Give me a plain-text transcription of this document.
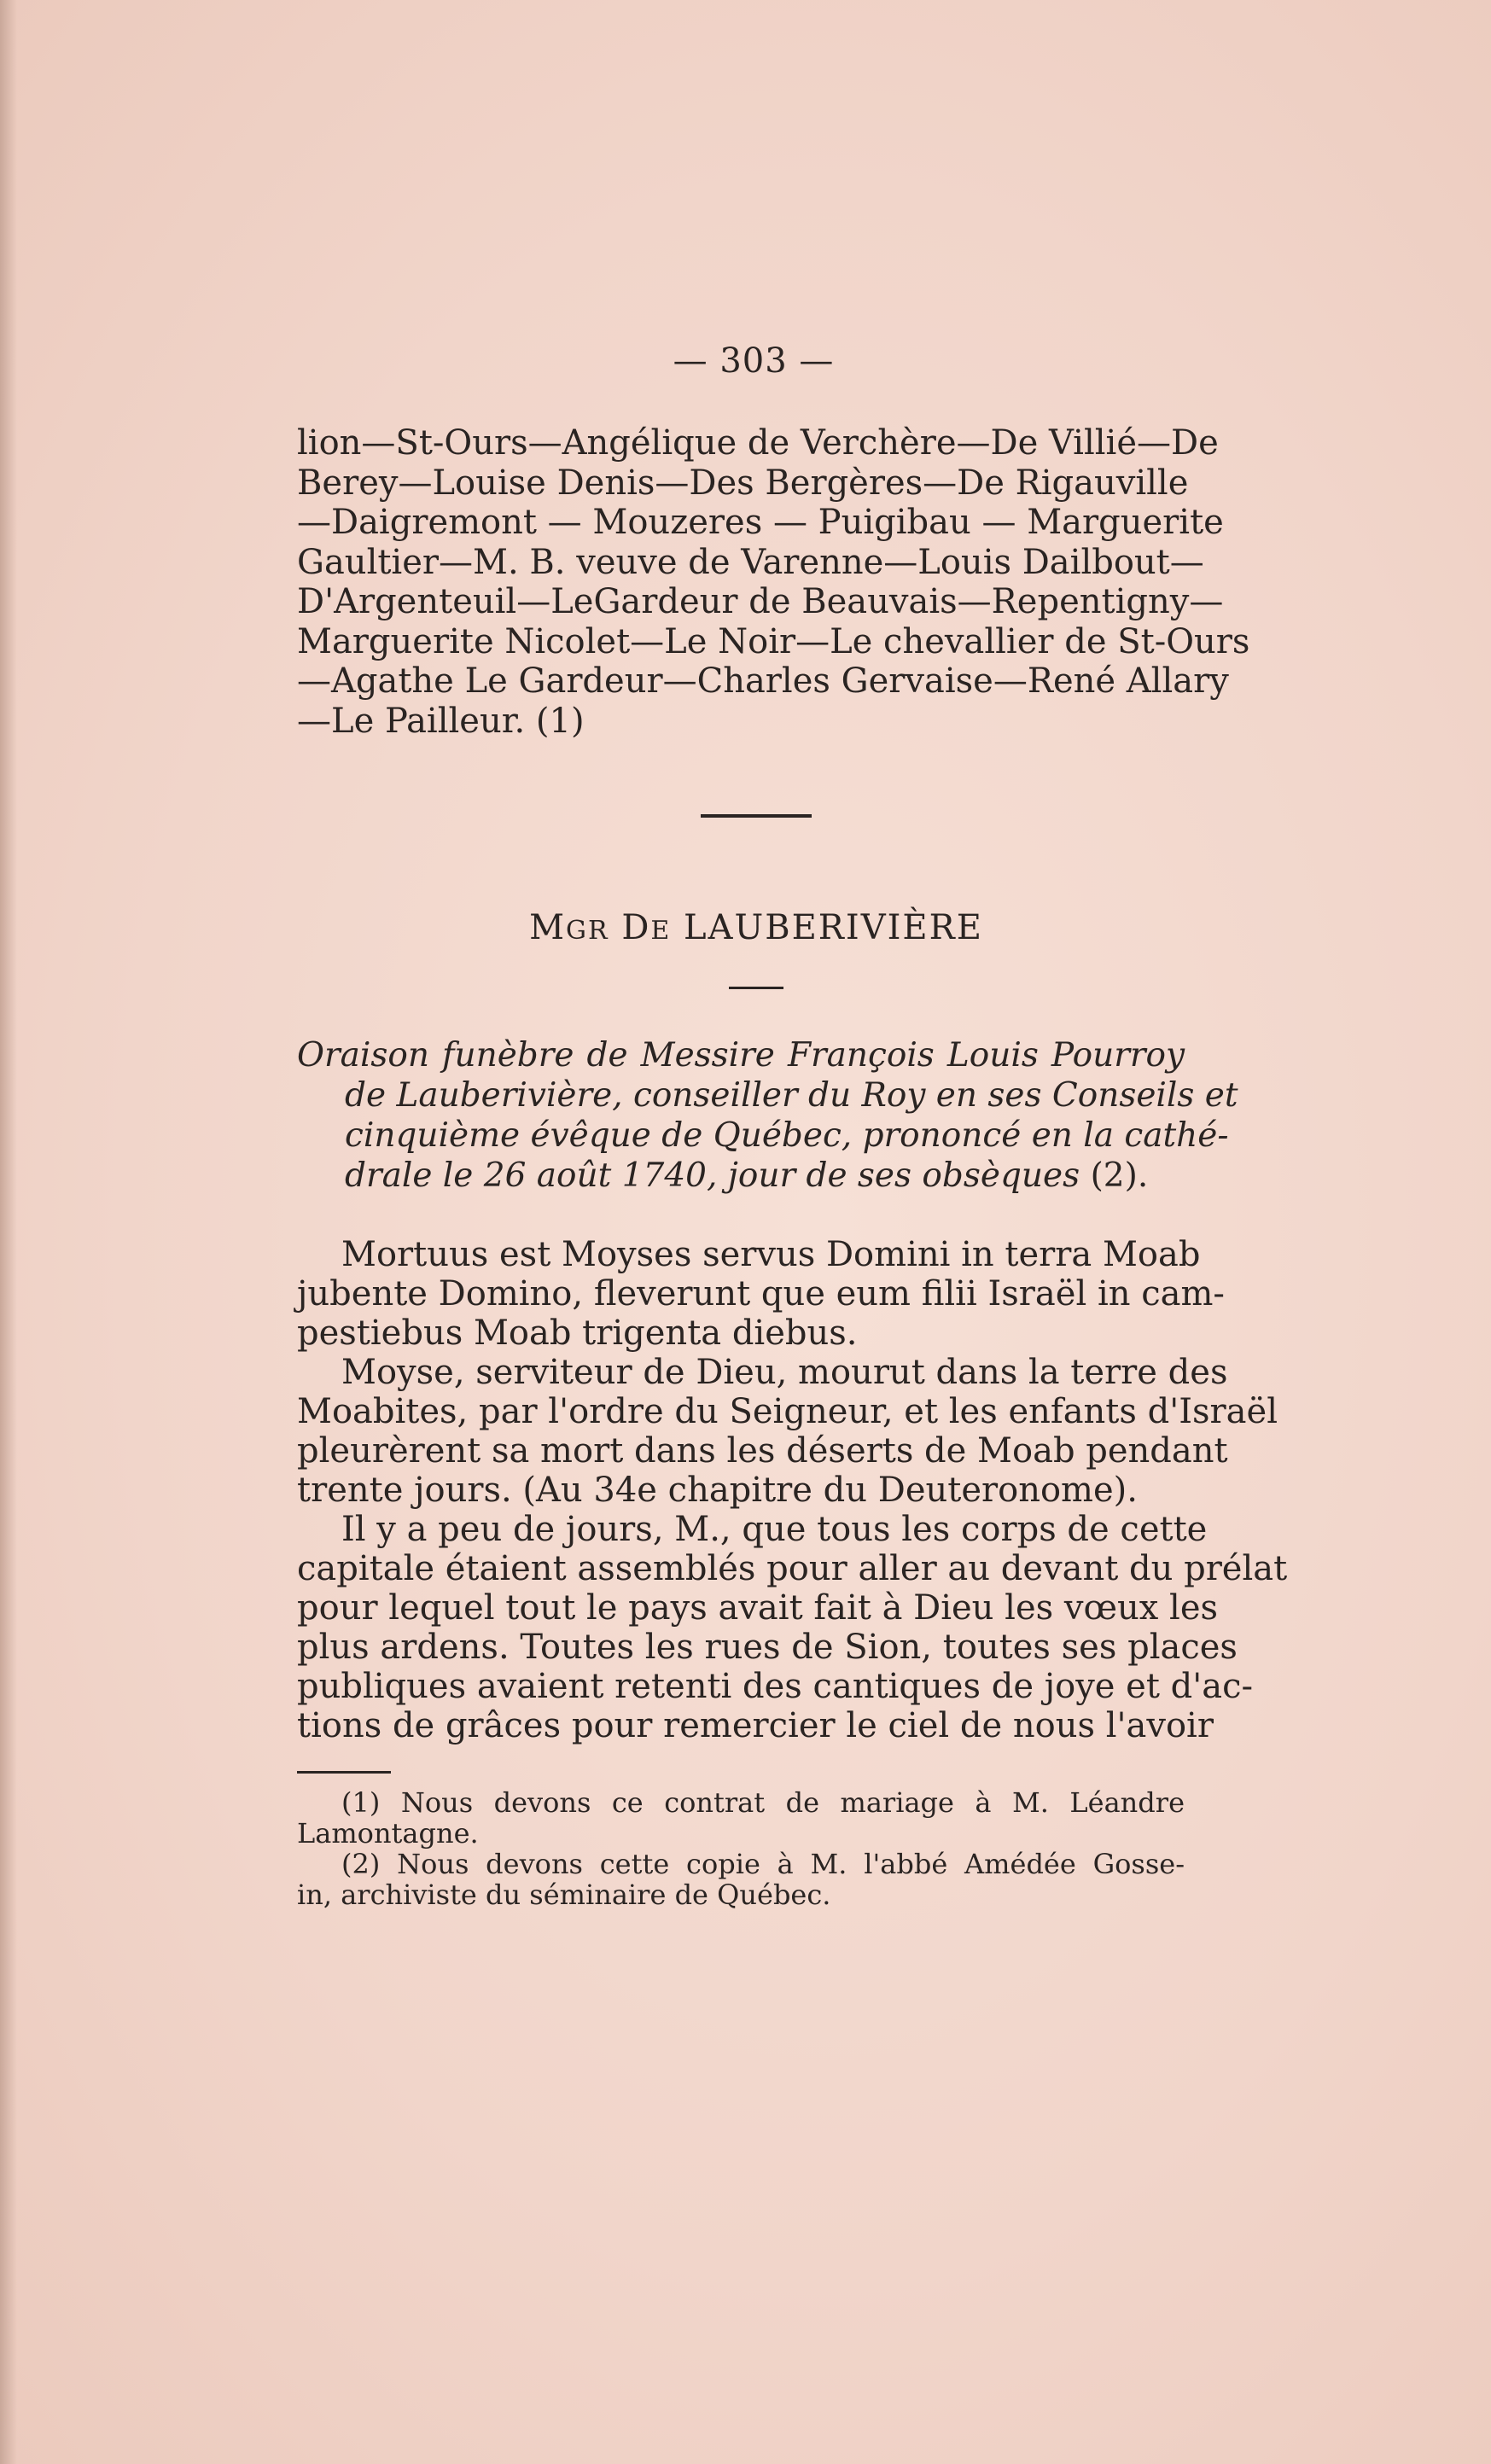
— 303 —
lion—St-Ours—Angélique de Verchère—De Villié—De
Berey—Louise Denis—Des Bergères—De Rigauville
—Daigremont — Mouzeres — Puigibau — Marguerite
Gaultier—M. B. veuve de Varenne—Louis Dailbout—
D'Argenteuil—LeGardeur de Beauvais—Repentigny—
Marguerite Nicolet—Le Noir—Le chevallier de St-Ours
—Agathe Le Gardeur—Charles Gervaise—René Allary
—Le Pailleur. (1)
MGR DE LAUBERIVIÈRE
Oraison funèbre de Messire François Louis Pourroy
de Lauberivière, conseiller du Roy en ses Conseils et
cinquième évêque de Québec, prononcé en la cathé-
drale le 26 août 1740, jour de ses obsèques (2).

Mortuus est Moyses servus Domini in terra Moab
jubente Domino, fleverunt que eum filii Israël in cam-
pestiebus Moab trigenta diebus.

Moyse, serviteur de Dieu, mourut dans la terre des
Moabites, par l'ordre du Seigneur, et les enfants d'Israël
pleurèrent sa mort dans les déserts de Moab pendant
trente jours. (Au 34e chapitre du Deuteronome).

Il y a peu de jours, M., que tous les corps de cette
capitale étaient assemblés pour aller au devant du prélat
pour lequel tout le pays avait fait à Dieu les vœux les
plus ardens. Toutes les rues de Sion, toutes ses places
publiques avaient retenti des cantiques de joye et d'ac-
tions de grâces pour remercier le ciel de nous l'avoir

(1) Nous devons ce contrat de mariage à M. Léandre
Lamontagne.
(2) Nous devons cette copie à M. l'abbé Amédée Gosse-
in, archiviste du séminaire de Québec.
